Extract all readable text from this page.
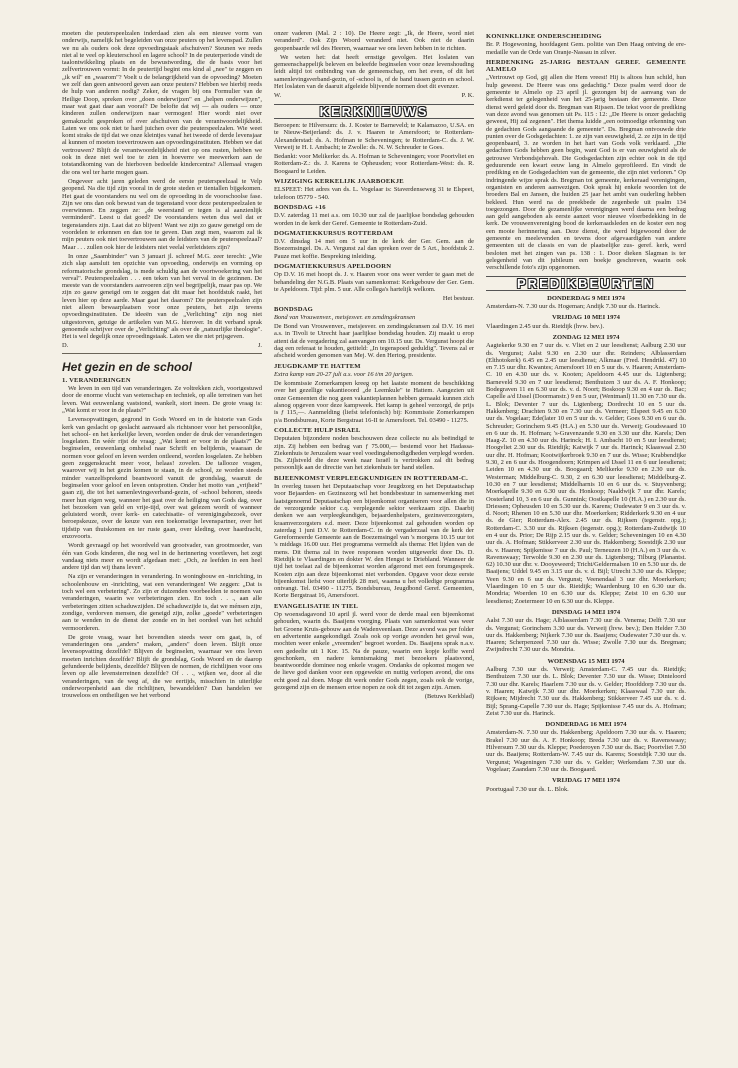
moeten die peuterspeelzalen inderdaad zien als een nieuwe vorm van onderwijs, namelijk het begeleiden van onze peuters op het levenspad. Zullen we nu als ouders ook deze opvoedingstaak afschuiven? Steunen we reeds niet al te veel op kleuterschool en lagere school? In de peuterperiode vindt de taalontwikkeling plaats en de bewustwording, die de basis voor het zelfvertrouwen vormt: In de peutertijd begint ons kind al „nee" te zeggen en „ik wil" en „waarom"? Voelt u de belangrijkheid van de opvoeding? Moeten we zelf dan geen antwoord geven aan onze peuters? Hebben we hierbij reeds de hulp van anderen nodig? Zeker, de vragen bij ons Formulier van de Heilige Doop, spreken over „doen onderwijzen" en „helpen onderwijzen", maar wat gaat daar aan vooraf? De belofte dat wij — als ouders — onze kinderen zullen onderwijzen naar vermogen! Hier wordt niet over gemakzucht gesproken of over afschuiven van de verantwoordelijkheid. Laten we ons ook niet te hard juichen over die peuterspeelzalen. Wie weet komt straks de tijd dat we onze kleintjes vanaf het tweede of derde levensjaar al kunnen of moeten toevertrouwen aan opvoedingsinstituten. Hebben we dat vertrouwen? Blijft de verantwoordelijkheid niet op ons rusten, hebben we ook in deze niet wel toe te zien in hoeverre we meewerken aan de totstandkoming van de hierboven bedoelde kindercentra? Allemaal vragen die ons wel ter harte mogen gaan.

Ongeveer acht jaren geleden werd de eerste peuterspeelzaal te Velp geopend. Na die tijd zijn vooral in de grote steden er tientallen bijgekomen. Het gaat de voorstanders nu wel om de opvoeding in de voorschoolse fase. Zijn we ons dan ook bewust van de tegenstand voor deze peuterspeelzalen te overwinnen. En zeggen ze: „de weerstand er tegen is al aanzienlijk verminderd". Leest u dat goed? De voorstanders weten dus wel dat er tegenstanders zijn. Laat dat zo blijven! Want we zijn zo gauw geneigd om de voordelen te erkennen en dan toe te geven. Dan zegt men, waarom zal ik mijn peuters ook niet toevertrouwen aan de leidsters van de peuterspeelzaal? Maar . . . zullen ook hier de leidsters niet veelal verleidsters zijn?

In onze „Saambinder" van 3 januari jl. schreef M.G. zeer terecht: „Wie zich slap aansluit ten opzichte van opvoeding, onderwijs en vorming op reformatorische grondslag, is mede schuldig aan de voortwoekering van het verval". Peuterspeelzalen . . . een teken van het verval in de gezinnen. De meeste van de voorstanders aanvoeren zijn wel begrijpelijk, maar pas op. We zijn zo gauw geneigd om te zeggen dat dit maar het hoofdstuk raakt, het leven hier op deze aarde. Maar gaat het daarom? Die peuterspeelzalen zijn niet alleen bewaarplaatsen voor onze peuters, het zijn tevens opvoedingsinstituten. De ideeën van de „Verlichting" zijn nog niet uitgestorven, getuige de artikelen van M.G. hierover. In dit verband sprak genoemde schrijver over de „Verlichting" als over de „natuurlijke theologie". Het is wel degelijk onze opvoedingstaak. Laten we die niet prijsgeven.

D.	J.
Het gezin en de school
1. VERANDERINGEN

We leven in een tijd van veranderingen. Ze voltrekken zich, voortgestuwd door de enorme vlucht van wetenschap en techniek, op alle terreinen van het leven. Wat eeuwenlang vaststond, wankelt, stort ineen. De grote vraag is: „Wat komt er voor in de plaats?"

Levensopvattingen, gegrond in Gods Woord en in de historie van Gods kerk van geslacht op geslacht aanvaard als richtsnoer voor het persoonlijke, het school- en het kerkelijke leven, worden onder de druk der veranderingen losgelaten. En wéér rijst de vraag: „Wat komt er voor in de plaats?" De beginselen, eeuwenlang omhelsd naar Schrift en belijdenis, waaraan de normen voor geloof en leven werden ontleend, worden losgelaten. Ze hebben geen zeggenskracht meer voor, helaas! zovelen. De tallooze vragen, waarover wij in het gezin komen te staan, in de school, ze worden steeds minder vanzelfsprekend beantwoord vanuit de grondslag, waaruit de beginselen voor geloof en leven ontsprotten. Onder het motto van „vrijheid" gaan zij, die tot het samenlevingsverband-gezin, of -school behoren, steeds meer hun eigen weg, wanneer het gaat over de heiliging van Gods dag, over het bezoeken van geld en vrije-tijd, over wat gelezen wordt of wanneer geluisterd wordt, over kerk- en catechisatie- of verenigingsbezoek, over beroepskeuze, over de keuze van een toekomstige levenspartner, over het tijdstip van thuiskomen en ter ruste gaan, over kleding, over haardracht, enzovoorts.

Wordt gevraagd op het woordveld van grootvader, van grootmoeder, van één van Gods kinderen, die nog wel in de herinnering voortleven, het zegt vandaag niets meer en wordt afgedaan met: „Och, ze leefden in een heel andere tijd dan wij thans leven".

Na zijn er veranderingen in verandering. In woningbouw en -inrichting, in schoolenbouw en -inrichting, wat een veranderingen! We zeggen: „Dat is toch wel een verbetering". Zo zijn er duizenden voorbeelden te noemen van veranderingen, waarin we verbeteringen zien. En toch . . ., aan alle verbeteringen zitten schaduwzijden. Dé schaduwzijde is, dat we ménsen zijn, zondige, verdorven mensen, die geneigd zijn, zolke „goede" verbeteringen aan te wenden in de dienst der zonde en in het oordeel van het schuld vermoorderen.

De grote vraag, waar het bovendien steeds weer om gaat, is, of veranderingen ons „anders" maken, „anders" doen leven. Blijft onze levensopvatting dezelfde? Blijven de beginselen, waarnaar we ons leven moeten inrichten dezelfde? Blijft de grondslag, Gods Woord en de daarop gefundeerde belijdenis, dezelfde? Blijven de normen, de richtlijnen voor ons leven op alle levensterreinen dezelfde? Of . . ., wijken we, door al die veranderingen, van de weg af, die we eertijds, misschien in uiterlijke onderworpenheid aan die richtlijnen, bewandelden? Dan handelen we trouweloos en ontheiligen we het verbond

onzer vaderen (Mal. 2 : 10). De Heere zegt: „Ik, de Heere, word niet veranderd". Ook Zijn Woord veranderd niet. Ook niet de daarin geopenbaarde wil des Heeren, waarnaar we ons leven hebben in te richten.

We weten het: dat heeft ernstige gevolgen. Het loslaten van gemeenschappelijk beleven en beleefde beginselen voor onze levenshouding leidt altijd tot ontbinding van de gemeenschap, om het even, of dit het samenlevingsverband-gezin, of -school is, of de band tussen gezin en school. Het loslaten van de daaruit afgeleide blijvende normen doet dit evenzer.

W.	P. K.
KERKNIEUWS

Beroepen: te Hilversum: ds. J. Koster te Barneveld; te Kalamazoo, U.SA. en te Nieuw-Beijerland: ds. J. v. Haaren te Amersfoort; te Rotterdam-Alexanderstad: ds. A. Hofman te Scheveningen; te Rotterdam-C. ds. J. W. Verweij te H. I. Ambacht; te Zwolle: ds. N. W. Schreuder te Goes.

Bedankt: voor Melikerke: ds. A. Hofman te Scheveningen; voor Poortvliet en Rotterdam-Z.: ds. J. Karens te Opheusden; voor Rotterdam-West: ds. R. Boogaard te Leiden.

WIJZIGING KERKELIJK JAARBOEKJE

ELSPEET: Het adres van ds. L. Vogelaar is: Staverdenseweg 31 te Elspeet, telefoon 05779 - 540.

BONDSDAG +16

D.V. zaterdag 11 mei a.s. om 10.30 uur zal de jaarlijkse bondsdag gehouden worden in de kerk der Geref. Gemeente te Rotterdam-Zuid.

DOGMATIEKKURSUS ROTTERDAM

D.V. dinsdag 14 mei om 5 uur in de kerk der Ger. Gem. aan de Boezemsingel. Ds. A. Vergunst zal dan spreken over de 5 Art., hoofdstuk 2. Pauze met koffie. Bespreking inleiding.

DOGMATIEKKURSUS APELDOORN

Op D.V. 16 mei hoopt ds. J. v. Haaren voor ons weer verder te gaan met de behandeling der N.G.B. Plaats van samenkomst: Kerkgebouw der Ger. Gem. te Apeldoorn. Tijd: plm. 5 uur. Alle collega's hartelijk welkom.

Het bestuur.

BONDSDAG

Bond van Vrouwenver., meisjesver. en zendingskransen

De Bond van Vrouwenver., meisjesver. en zendingskransen zal D.V. 16 mei a.s. in Tivoli te Utrecht haar jaarlijkse bondsdag houden. Zij maakt u erop attent dat de vergadering zal aanvangen om 10.15 uur. Ds. Vergunst hoopt die dag een referaat te houden, getiteld: „In tegenspoed geduldig". Tevens zal er afscheid worden genomen van Mej. W. den Hertog, presidente.

JEUGDKAMP TE HATTEM

Extra kamp van 20-27 juli a.s. voor 16 t/m 20 jarigen.

De kommissie Zomerkampen kreeg op het laatste moment de beschikking over het gezellige vakantieoord „de Leemkule" te Hattem. Aangezien uit onze Gemeenten die nog geen vakantieplannen hebben gemaakt kunnen zich alsnog opgeven voor deze kampweek. Het kamp is geheel verzorgd, de prijs is ƒ 115,—. Aanmelding (liefst telefonisch) bij: Kommissie Zomerkampen p/a Bondsbureau, Korte Bergstraat 16-II te Amersfoort. Tel. 03490 - 11275.

COLLECTE HULP ISRAEL

Deputaten bijzondere noden beschouwen deze collecte nu als beëindigd te zijn. Zij hebben een bedrag van ƒ 75.000,— bestemd voor het Hadassa-Ziekenhuis te Jeruzalem waar veel voedingsbenodigdheden verplegd worden. Ds. Zijlstveld die deze week naar Israël is vertrokken zal dit bedrag persoonlijk aan de directie van het ziekenhuis ter hand stellen.

BIJEENKOMST VERPLEEGKUNDIGEN IN ROTTERDAM-C.

In overleg tussen het Deputaatschap voor Jeugdzorg en het Deputaatschap voor Bejaarden- en Gezinszorg wil het bondsbestuur in samenwerking met laatstgenoemd Deputaatschap een bijeenkomst organiseren voor allen die in de verzorgende sektor c.q. verplegende sektor werkzaam zijn. Daarbij denken we aan verpleegkundigen, bejaardenhelpsters, gezinsverzorgsters, kraamverzorgsters e.d. meer. Deze bijeenkomst zal gehouden worden op zaterdag 1 juni D.V. te Rotterdam-C. in de vergaderzaal van de kerk der Gereformeerde Gemeente aan de Boezemsingel van 's morgens 10.15 uur tot 's middags 16.00 uur. Het programma vermeldt als thema: Het lijden van de mens. Dit thema zal in twee responsen worden uitgewerkt door Ds. D. Rietdijk te Vlaardingen en dokter W. den Hengst te Driebland. Wanneer de tijd het toelaat zal de bijeenkomst worden afgerond met een forumgesprek. Kosten zijn aan deze bijeenkomst niet verbonden. Opgave voor deze eerste bijeenkomst liefst voor uiterlijk 28 mei, waarna u het volledige programma ontvangt. Tel. 03490 - 11275. Bondsbureau, Jeugdbond Geref. Gemeenten, Korte Bergstraat 16, Amersfoort.

EVANGELISATIE IN TIEL

Op woensdagavond 10 april jl. werd voor de derde maal een bijeenkomst gehouden, waarin ds. Baaijens voorging. Plaats van samenkomst was weer het Groene Kruis-gebouw aan de Wadenveenlaan. Deze avond was per folder en advertentie aangekondigd. Zoals ook op vorige avonden het geval was, mochten weer enkele „vreemden" begroet worden. Ds. Baaijens sprak n.a.v. een gedeelte uit 1 Kor. 15. Na de pauze, waarin een kopje koffie werd geschonken, en nadere kennismaking met bezoekers plaatsvond, beantwoordde dominee nog enkele vragen. Ondanks de opkomst mogen we de lieve god danken voor een opgewekte en nuttig verlopen avond, die ons echt goed zal doen. Moge dit werk onder Gods zegen, zoals ook de vorige, gezegend zijn en de mensen ertoe nopen ze ook dit tot zegen zijn. Amen.

(Betuws Kerkblad)

KONINKLIJKE ONDERSCHEIDING

Br. P. Hogewoning, hoofdagent Gem. politie van Den Haag ontving de ere-medaille van de Orde van Oranje-Nassau in zilver.

HERDENKING 25-JARIG BESTAAN GEREF. GEMEENTE ALMELO

„Vertrouwt op God, gij allen die Hem vreest! Hij is altoos hun schild, hun hulp geweest. De Heere was ons gedachtig." Deze psalm werd door de gemeente te Almelo op 23 april jl. gezongen bij de aanvang van de kerkdienst ter gelegenheid van het 25-jarig bestaan der gemeente. Deze dienst werd geleid door ds. Bregman van Rijssen. De tekst voor de prediking van deze avond was genomen uit Ps. 115 : 12: „De Heere is onzer gedachtig geweest, Hij zal zegenen". Het thema luidde „een ootmoedige erkenning van de gedachten Gods aangaande de gemeente". Ds. Bregman ontvouwde drie punten over de Godsgedachten: 1. ze zijn van eeuwigheid, 2. ze zijn in de tijd geopenbaard, 3. ze worden in het hart van Gods volk verklaard. „Die gedachten Gods hebben geen begin, want God is er van eeuwigheid als de getrouwe Verbondsjehovah. Die Godsgedachten zijn echter ook in de tijd geduurende een kwart eeuw lang in Almelo geprofileerd. En vindt de prediking en de Godsgedachten van de gemeente, die zijn niet verloren." Op indringende wijze sprak ds. Bregman tot gemeente, kerkeraad verenigingen, organisten en anderen aanwezigen. Ook sprak hij enkele woorden tot de broeders Bal en Jansen, die huiden 25 jaar het ambt van ouderling hebben bekleed. Hun werd na de preekbede de zegenbede uit psalm 134 toegezongen. Door de gezamenlijke verenigingen werd daarna een bedrag aan geld aangeboden als eerste aanzet voor nieuwe vloerbedekking in de kerk. De vrouwenvereniging bood de kerkeraadsleden en de koster een nog een mooie herinnering aan. Deze dienst, die werd bijgewoond door de gemeente en meelevenden en tevens door afgevaardigden van andere gemeenten uit de classis en van de plaatselijke zus- geref. kerk, werd besloten met het zingen van ps. 138 : 1. Door dieken Slagman is ter gelegenheid van dit jubileum een boekje geschreven, waarin ook verschillende foto's zijn opgenomen.

PREDIKBEURTEN
DONDERDAG 9 MEI 1974

Amsterdam-N. 7.30 uur ds. Hogeman; Andijk 7.30 uur ds. Harinck.

VRIJDAG 10 MEI 1974

Vlaardingen 2.45 uur ds. Rietdijk (hvw. bev.).

ZONDAG 12 MEI 1974

Aagtekerke 9.30 en 7 uur ds. v. Vliet en 2 uur leesdienst; Aalburg 2.30 uur ds. Vergunst; Aalst 9.30 en 2.30 uur dhr. Reinders; Alblasserdam (Elthotokerk) 6.45 en 2.45 uur leesdienst; Alkmaar (Fred. Hendrikl. 47) 10 en 7.15 uur dhr. Kwantes; Amersfoort 10 en 5 uur ds. v. Haaren; Amsterdam-C. 10 en 4.30 uur ds. v. Kooten; Apeldoorn 4.45 uur ds. Ligtenberg; Barneveld 9.30 en 7 uur leesdienst; Benthuizen 3 uur ds. A. F. Honkoop; Bodegraven 11 en 6.30 uur ds. v. d. Noort; Boskoop 9.30 en 4 uur ds. Bac; Capelle a/d IJssel (Doormanstr.) 9 en 5 uur, (Wentmanl) 11.30 en 7.30 uur ds. L. Blok; Deventer 7 uur ds. Ligtenberg; Dordrecht 10 en 5 uur ds. Hakkenberg; Drachten 9.30 en 7.30 uur ds. Vermeer; Elspeet 9.45 en 6.30 uur ds. Vogelaar; Ede(later 10 en 5 uur ds. v. Gelder; Goes 9.30 en 6 uur ds. Schreuder; Gorinchem 9.45 (H.A.) en 5.30 uur ds. Verweij; Goudswaard 10 en 6 uur ds. H. Hofman; 's-Gravenzande 9.30 en 3.30 uur dhr. Karels; Den Haag-Z. 10 en 4.30 uur ds. Harinck; H. I. Ambacht 10 en 5 uur leesdienst; Hoogvliet 2.30 uur ds. Rietdijk; Katwijk 7 uur ds. Harinck; Klaaswaal 2.30 uur dhr. H. Hofman; Kootwijkerbroek 9.30 en 7 uur ds. Wisse; Krabbendijke 9.30, 2 en 6 uur ds. Hoogendoorn; Krimpen a/d IJssel 11 en 6 uur leesdienst; Leiden 10 en 4.30 uur ds. Boogaard; Melikerke 9.30 en 2.30 uur ds. Westerman; Middelburg-C. 9.30, 2 en 6.30 uur leesdienst; Middelburg-Z. 10.30 en 7 uur leesdienst; Middelharnis 10 en 6 uur ds. v. Stuyvenberg; Moerkapelle 9.30 en 6.30 uur ds. Honkoop; Naaldwijk 7 uur dhr. Karels; Oosterland 10, 3 en 6 uur ds. Gunnink; Oostkapelle 10 (H.A.) en 2.30 uur ds. Driessen; Opheusden 10 en 5.30 uur ds. Karens; Oudewater 9 en 3 uur ds. v. d. Noort; Rhenen 10 en 5.30 uur dhr. Moerkerken; Ridderkerk 9.30 en 4 uur ds. de Gier; Rotterdam-Alex. 2.45 uur ds. Rijksen (tegenstr. opg.); Rotterdam-C. 3.30 uur ds. Rijksen (tegenstr. opg.); Rotterdam-Zuidwijk 10 en 4 uur ds. Prior; De Rijp 2.15 uur ds. v. Gelder; Scheveningen 10 en 4.30 uur ds. A. Hofman; Stikkerveer 2.30 uur ds. Hakkenberg; Soestdijk 2.30 uur ds. v. Haaren; Spijkenisse 7 uur ds. Paul; Terneuzen 10 (H.A.) en 3 uur ds. v. Ravenswaay; Terwolde 9.30 en 2.30 uur ds. Ligtenberg; Tilburg (Planantst. 62) 10.30 uur dhr. v. Dooyeweerd; Tricht/Geldermalsen 10 en 5.30 uur ds. de Baaijens; Uddel 9.45 en 3.15 uur ds. v. d. Bijl; Utrecht 3.30 uur ds. Kleppe; Veen 9.30 en 6 uur ds. Vergunst; Veenendaal 3 uur dhr. Moerkerken; Vlaardingen 10 en 5 uur ds. Rietdijk; Waardenburg 10 en 6.30 uur ds. Mondria; Woerden 10 en 6.30 uur ds. Kleppe; Zeist 10 en 6.30 uur leesdienst; Zoetermeer 10 en 6.30 uur ds. Kleppe.

DINSDAG 14 MEI 1974

Aalst 7.30 uur ds. Hage; Alblasserdam 7.30 uur ds. Venema; Delft 7.30 uur ds. Vergunst; Gorinchem 3.30 uur ds. Verweij (hvw. bev.); Den Helder 7.30 uur ds. Hakkenberg; Nijkerk 7.30 uur ds. Baaijens; Oudewater 7.30 uur ds. v. Haaren; Scherpenzeel 7.30 uur ds. Wisse; Zwolle 7.30 uur ds. Bregman; Zwijndrecht 7.30 uur ds. Mondria.

WOENSDAG 15 MEI 1974

Aalburg 7.30 uur ds. Verweij; Amsterdam-C. 7.45 uur ds. Rietdijk; Benthuizen 7.30 uur ds. L. Blok; Deventer 7.30 uur ds. Wisse; Dinteloord 7.30 uur dhr. Karels; Haarlem 7.30 uur ds. v. Gelder; Hoofddorp 7.30 uur ds. v. Haaren; Katwijk 7.30 uur dhr. Moerkerken; Klaaswaal 7.30 uur ds. Rijksen; Mijdrecht 7.30 uur ds. Hakkenberg; Stikkerveer 7.45 uur ds. v. d. Bijl; Sprang-Capelle 7.30 uur ds. Hage; Spijkenisse 7.45 uur ds. A. Hofman; Zeist 7.30 uur ds. Harinck.

DONDERDAG 16 MEI 1974

Amsterdam-N. 7.30 uur ds. Hakkenberg; Apeldoorn 7.30 uur ds. v. Haaren; Brakel 7.30 uur ds. A. F. Honkoop; Breda 7.30 uur ds. v. Ravenswaay; Hilversum 7.30 uur ds. Kleppe; Poederoyen 7.30 uur ds. Bac; Poortvliet 7.30 uur ds. Baaijens; Rotterdam-W. 7.45 uur ds. Karens; Soestdijk 7.30 uur ds. Vergunst; Wageningen 7.30 uur ds. v. Gelder; Werkendam 7.30 uur ds. Vogelaar; Zaandam 7.30 uur ds. Boogaard.

VRIJDAG 17 MEI 1974

Poortugaal 7.30 uur ds. L. Blok.
